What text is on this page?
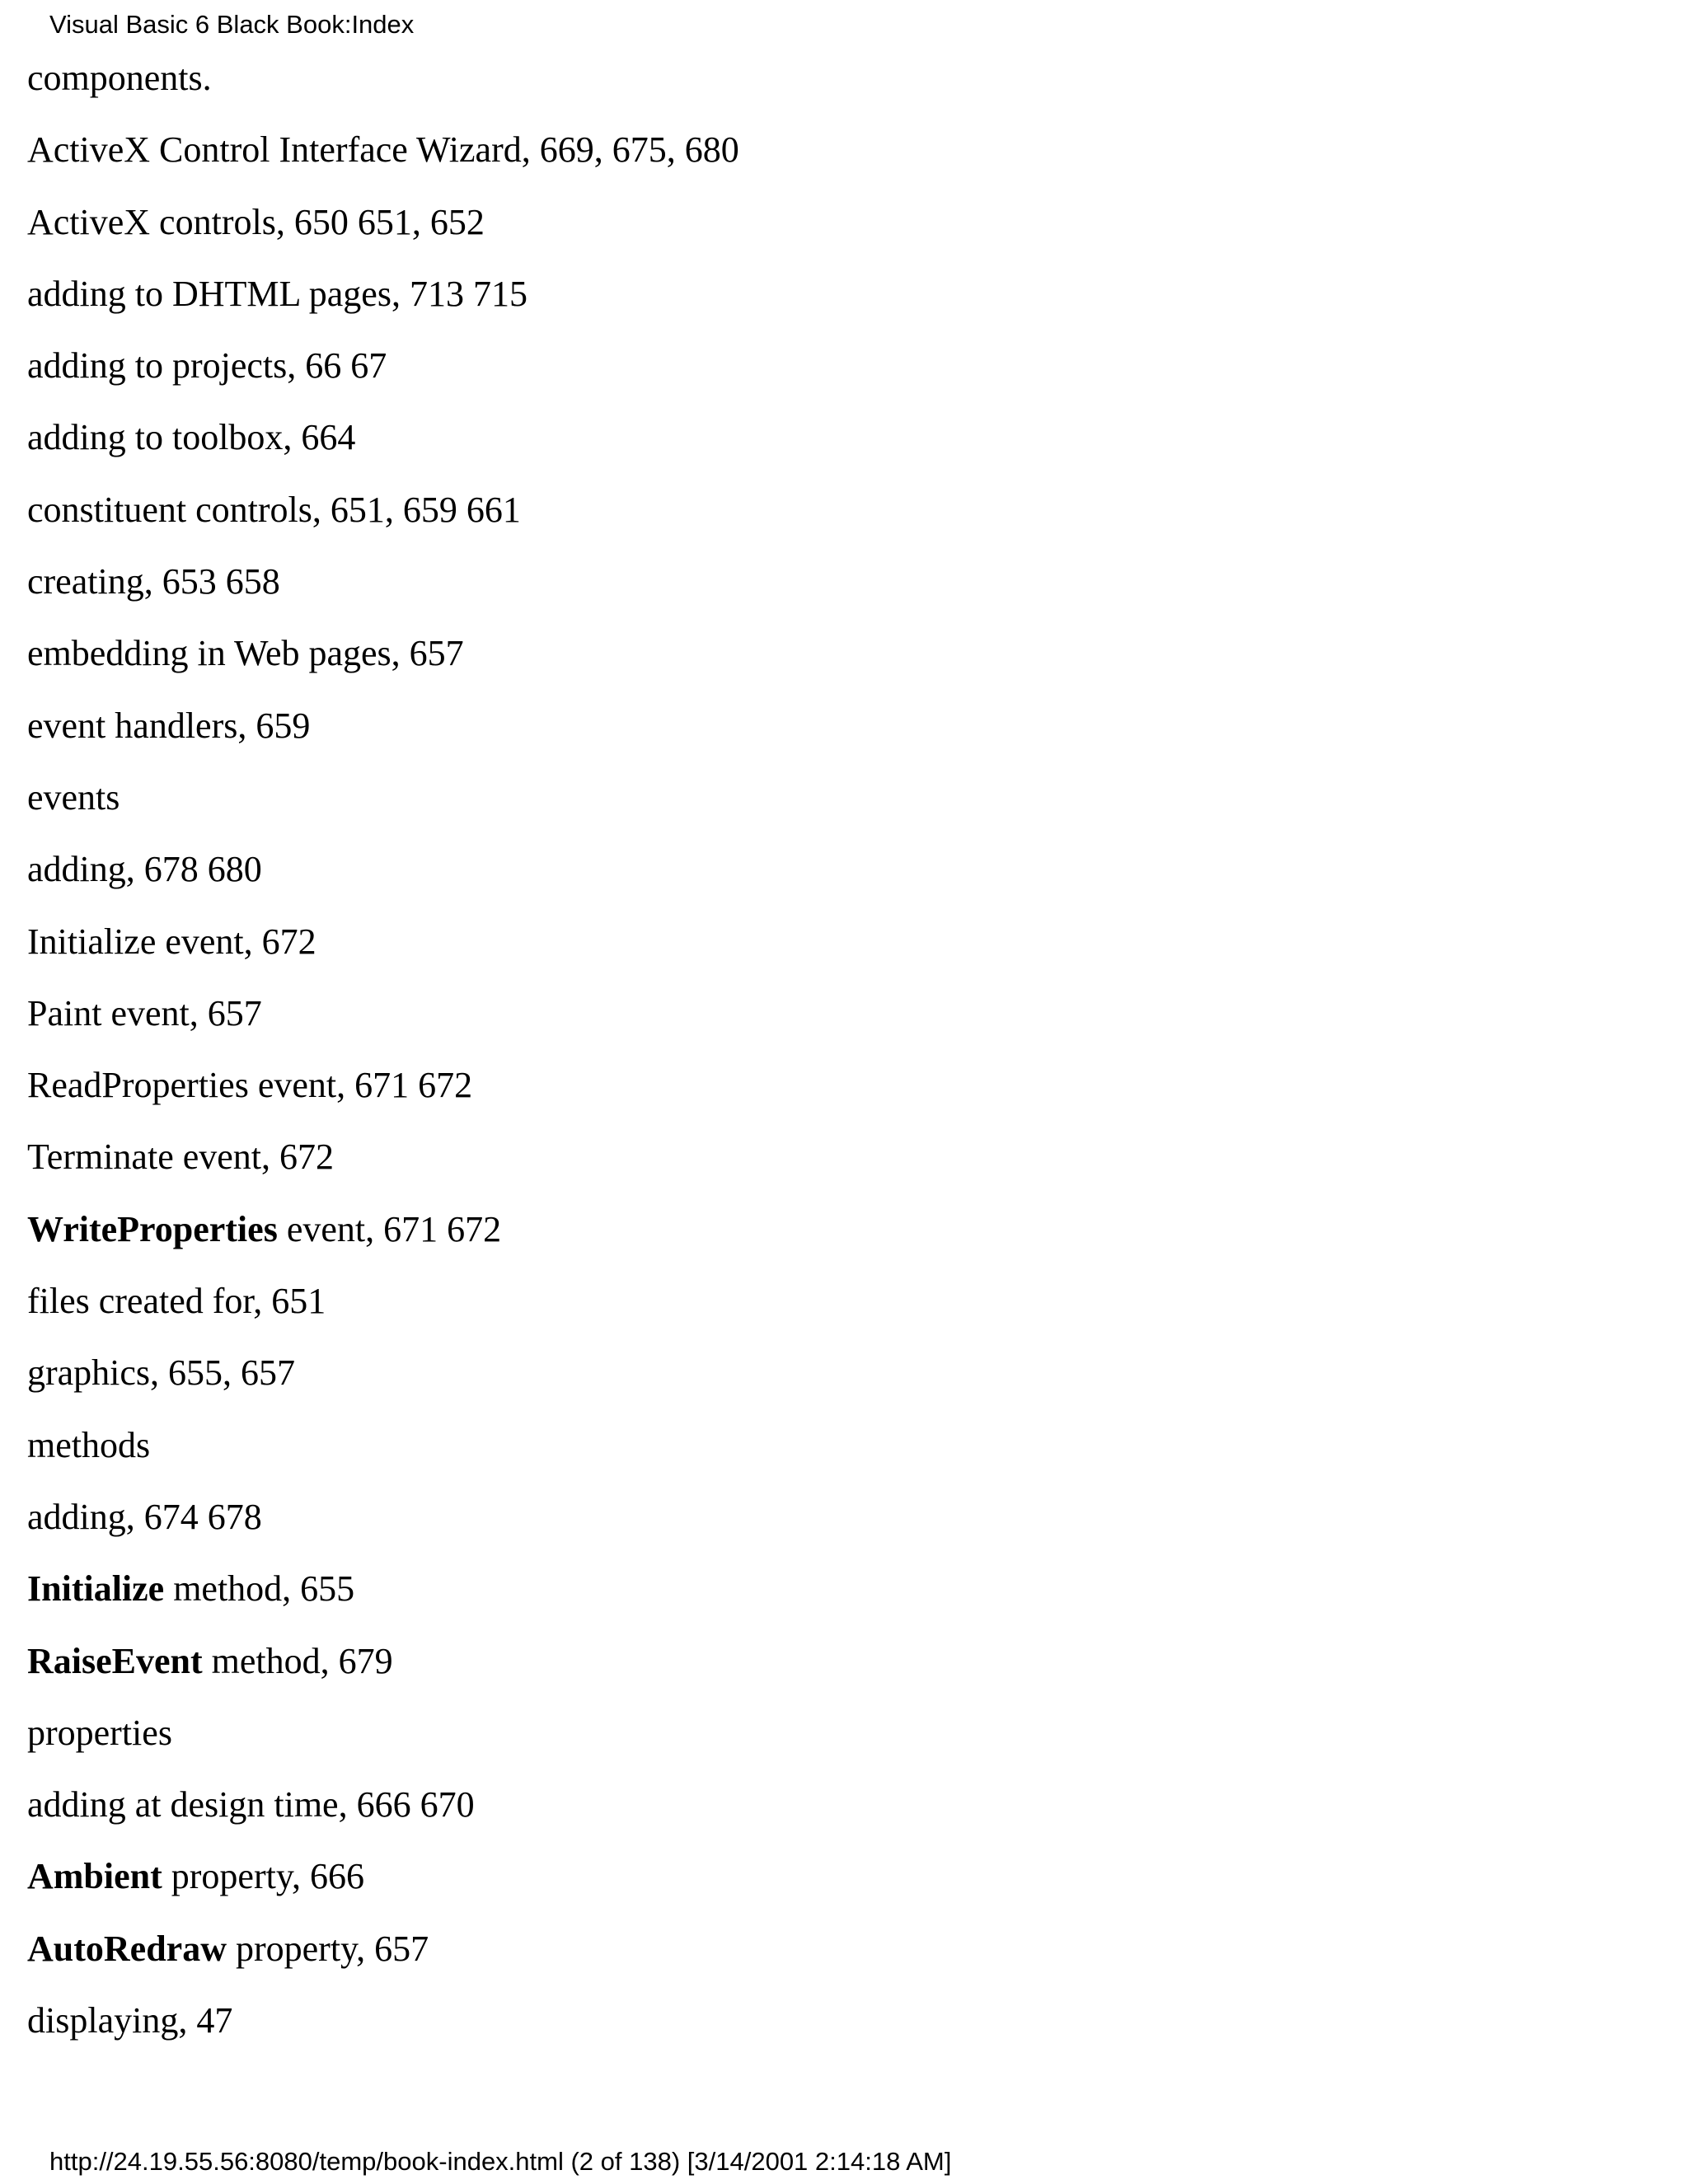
Visual Basic 6 Black Book:Index
components.
ActiveX Control Interface Wizard, 669, 675, 680
ActiveX controls, 650 651, 652
adding to DHTML pages, 713 715
adding to projects, 66 67
adding to toolbox, 664
constituent controls, 651, 659 661
creating, 653 658
embedding in Web pages, 657
event handlers, 659
events
adding, 678 680
Initialize event, 672
Paint event, 657
ReadProperties event, 671 672
Terminate event, 672
WriteProperties event, 671 672
files created for, 651
graphics, 655, 657
methods
adding, 674 678
Initialize method, 655
RaiseEvent method, 679
properties
adding at design time, 666 670
Ambient property, 666
AutoRedraw property, 657
displaying, 47
http://24.19.55.56:8080/temp/book-index.html (2 of 138) [3/14/2001 2:14:18 AM]
